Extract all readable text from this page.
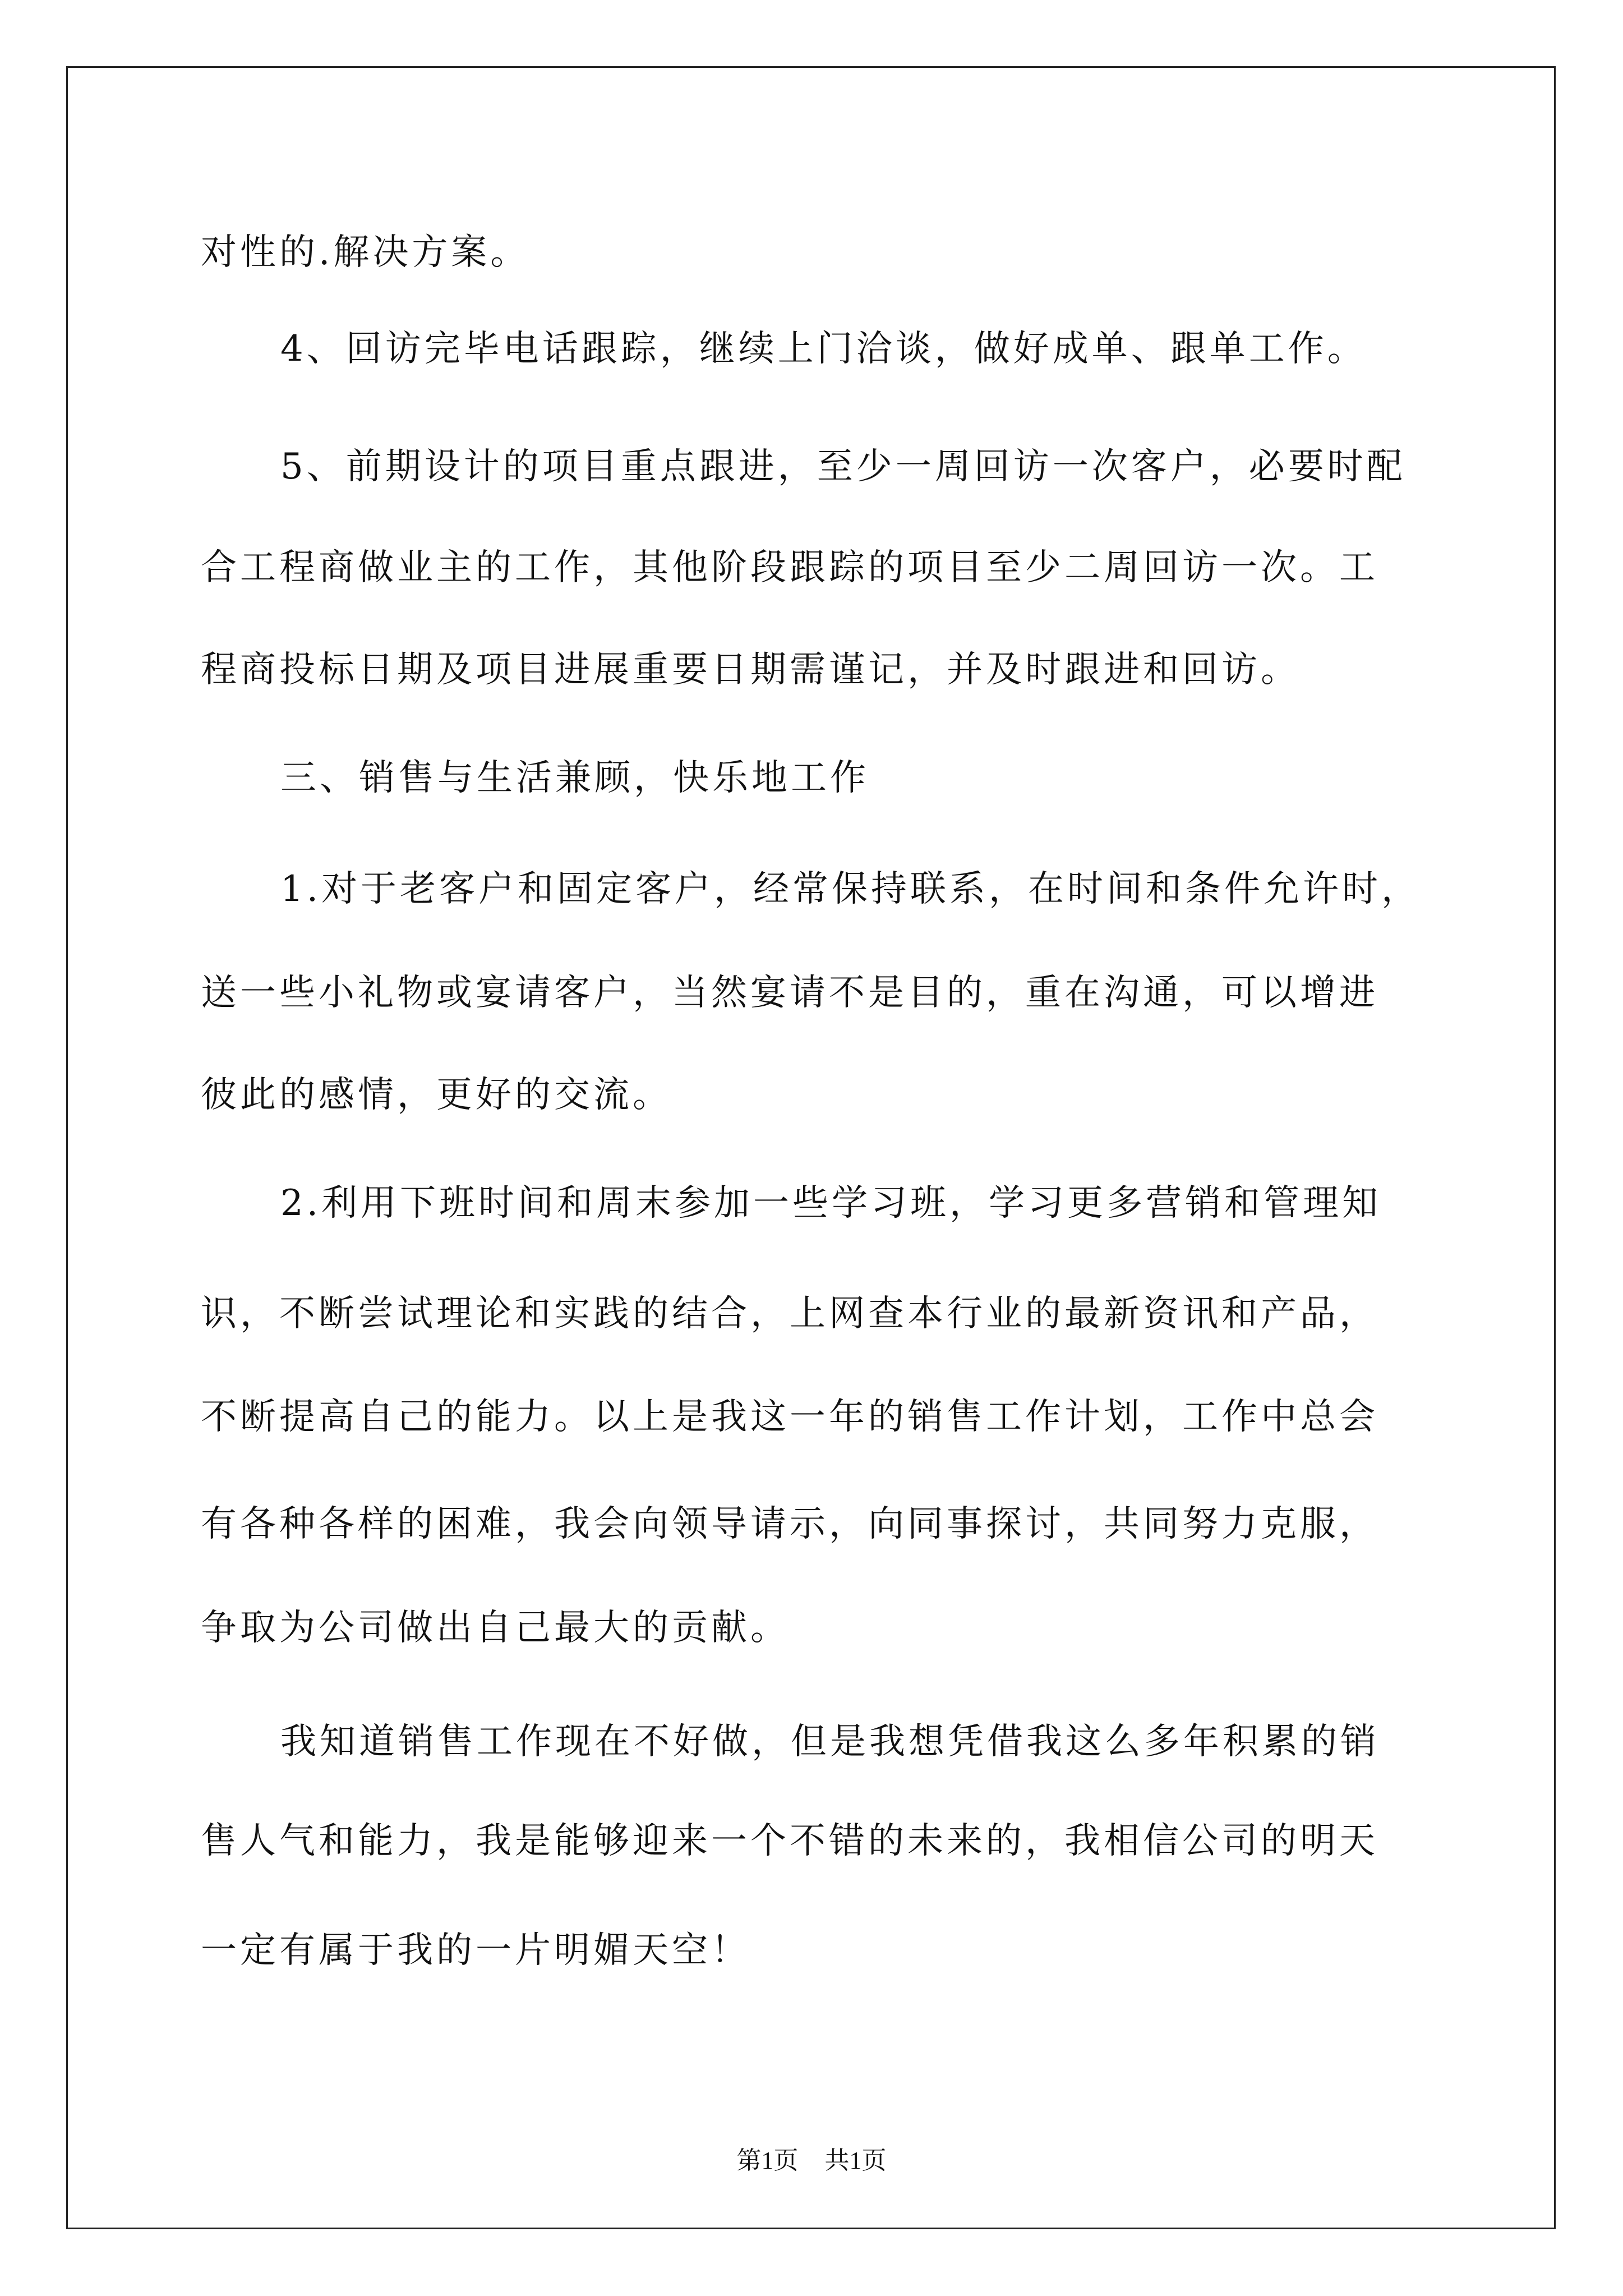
对性的.解决方案。
4、回访完毕电话跟踪，继续上门洽谈，做好成单、跟单工作。
5、前期设计的项目重点跟进，至少一周回访一次客户，必要时配
合工程商做业主的工作，其他阶段跟踪的项目至少二周回访一次。工
程商投标日期及项目进展重要日期需谨记，并及时跟进和回访。
三、销售与生活兼顾，快乐地工作
1.对于老客户和固定客户，经常保持联系，在时间和条件允许时，
送一些小礼物或宴请客户，当然宴请不是目的，重在沟通，可以增进
彼此的感情，更好的交流。
2.利用下班时间和周末参加一些学习班，学习更多营销和管理知
识，不断尝试理论和实践的结合，上网查本行业的最新资讯和产品，
不断提高自己的能力。以上是我这一年的销售工作计划，工作中总会
有各种各样的困难，我会向领导请示，向同事探讨，共同努力克服，
争取为公司做出自己最大的贡献。
我知道销售工作现在不好做，但是我想凭借我这么多年积累的销
售人气和能力，我是能够迎来一个不错的未来的，我相信公司的明天
一定有属于我的一片明媚天空！
第1页 共1页
